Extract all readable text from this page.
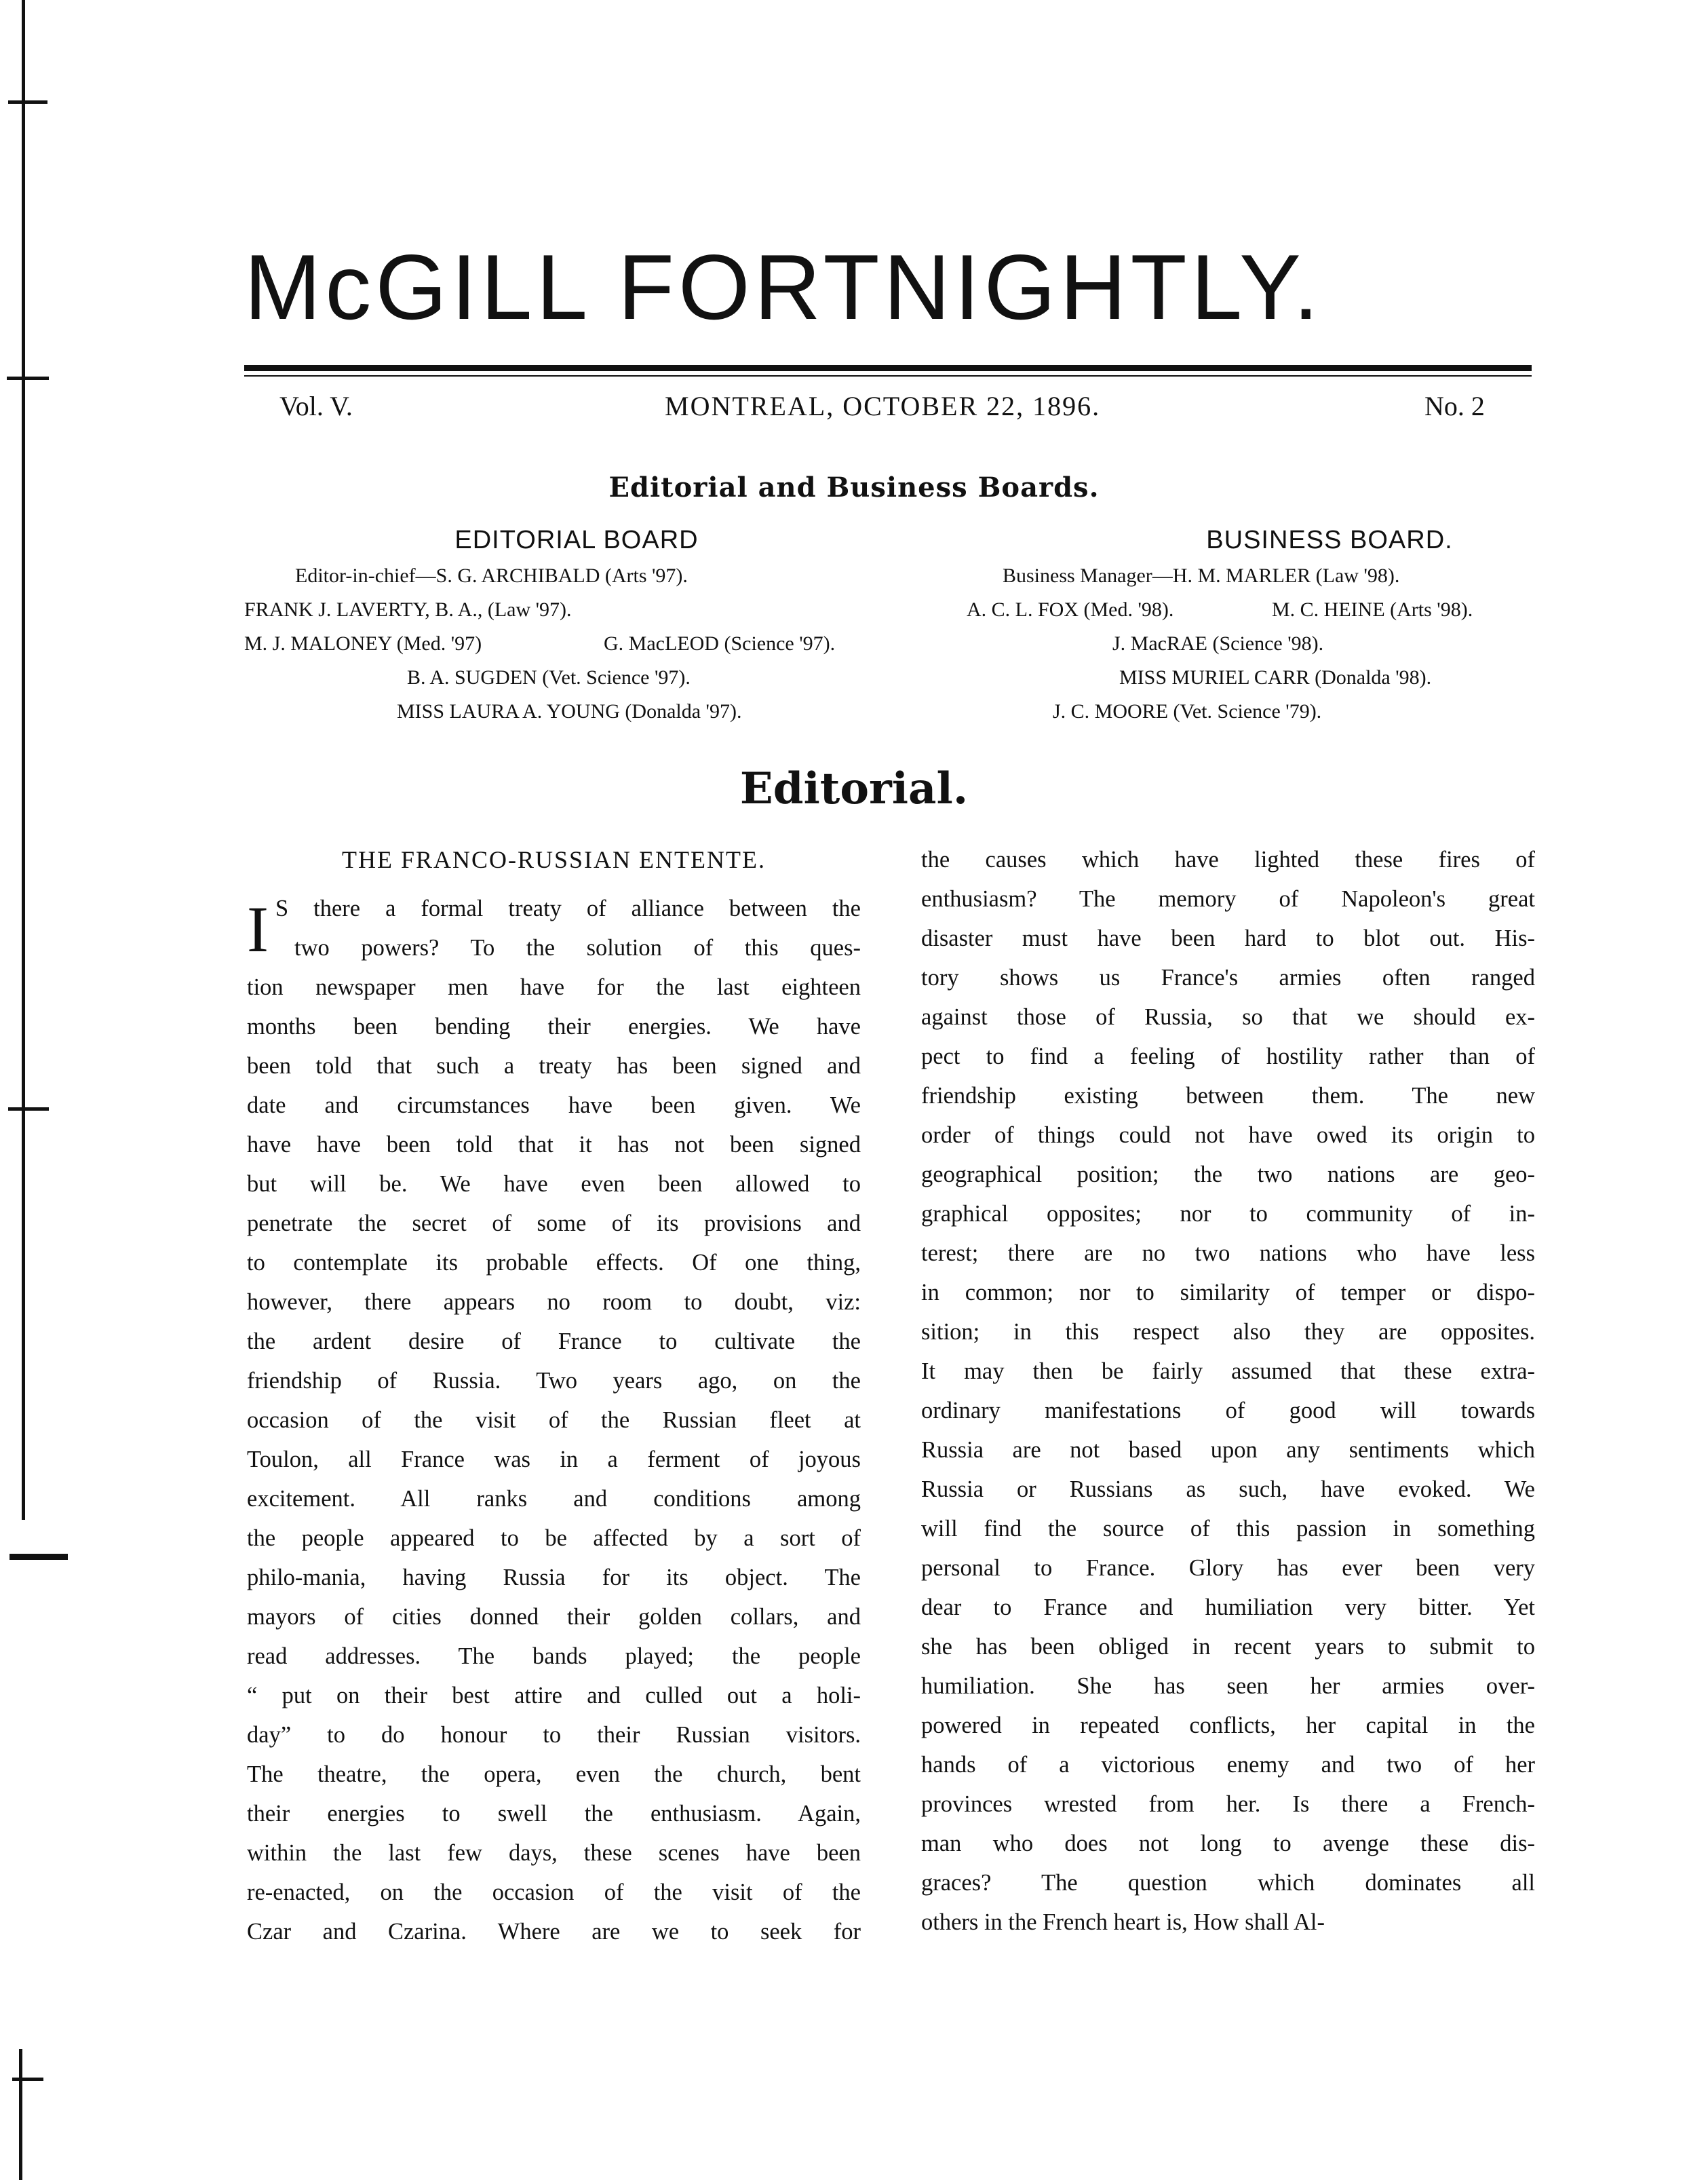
McGILL FORTNIGHTLY.
Vol. V.	MONTREAL, OCTOBER 22, 1896.	No. 2
Editorial and Business Boards.
EDITORIAL BOARD	BUSINESS BOARD.
Editor-in-chief—S. G. ARCHIBALD (Arts '97).
FRANK J. LAVERTY, B. A., (Law '97).
M. J. MALONEY (Med. '97)	G. MacLEOD (Science '97).
B. A. SUGDEN (Vet. Science '97).
MISS LAURA A. YOUNG (Donalda '97).
Business Manager—H. M. MARLER (Law '98).
A. C. L. FOX (Med. '98).	M. C. HEINE (Arts '98).
J. MacRAE (Science '98).
MISS MURIEL CARR (Donalda '98).
J. C. MOORE (Vet. Science '79).
Editorial.
THE FRANCO-RUSSIAN ENTENTE.
I S there a formal treaty of alliance between the
two powers? To the solution of this ques-
tion newspaper men have for the last eighteen
months been bending their energies. We have
been told that such a treaty has been signed and
date and circumstances have been given. We
have have been told that it has not been signed
but will be. We have even been allowed to
penetrate the secret of some of its provisions and
to contemplate its probable effects. Of one thing,
however, there appears no room to doubt, viz:
the ardent desire of France to cultivate the
friendship of Russia. Two years ago, on the
occasion of the visit of the Russian fleet at
Toulon, all France was in a ferment of joyous
excitement. All ranks and conditions among
the people appeared to be affected by a sort of
philo-mania, having Russia for its object. The
mayors of cities donned their golden collars, and
read addresses. The bands played; the people
“ put on their best attire and culled out a holi-
day” to do honour to their Russian visitors.
The theatre, the opera, even the church, bent
their energies to swell the enthusiasm. Again,
within the last few days, these scenes have been
re-enacted, on the occasion of the visit of the
Czar and Czarina. Where are we to seek for
the causes which have lighted these fires of
enthusiasm? The memory of Napoleon's great
disaster must have been hard to blot out. His-
tory shows us France's armies often ranged
against those of Russia, so that we should ex-
pect to find a feeling of hostility rather than of
friendship existing between them. The new
order of things could not have owed its origin to
geographical position; the two nations are geo-
graphical opposites; nor to community of in-
terest; there are no two nations who have less
in common; nor to similarity of temper or dispo-
sition; in this respect also they are opposites.
It may then be fairly assumed that these extra-
ordinary manifestations of good will towards
Russia are not based upon any sentiments which
Russia or Russians as such, have evoked. We
will find the source of this passion in something
personal to France. Glory has ever been very
dear to France and humiliation very bitter. Yet
she has been obliged in recent years to submit to
humiliation. She has seen her armies over-
powered in repeated conflicts, her capital in the
hands of a victorious enemy and two of her
provinces wrested from her. Is there a French-
man who does not long to avenge these dis-
graces? The question which dominates all
others in the French heart is, How shall Al-
